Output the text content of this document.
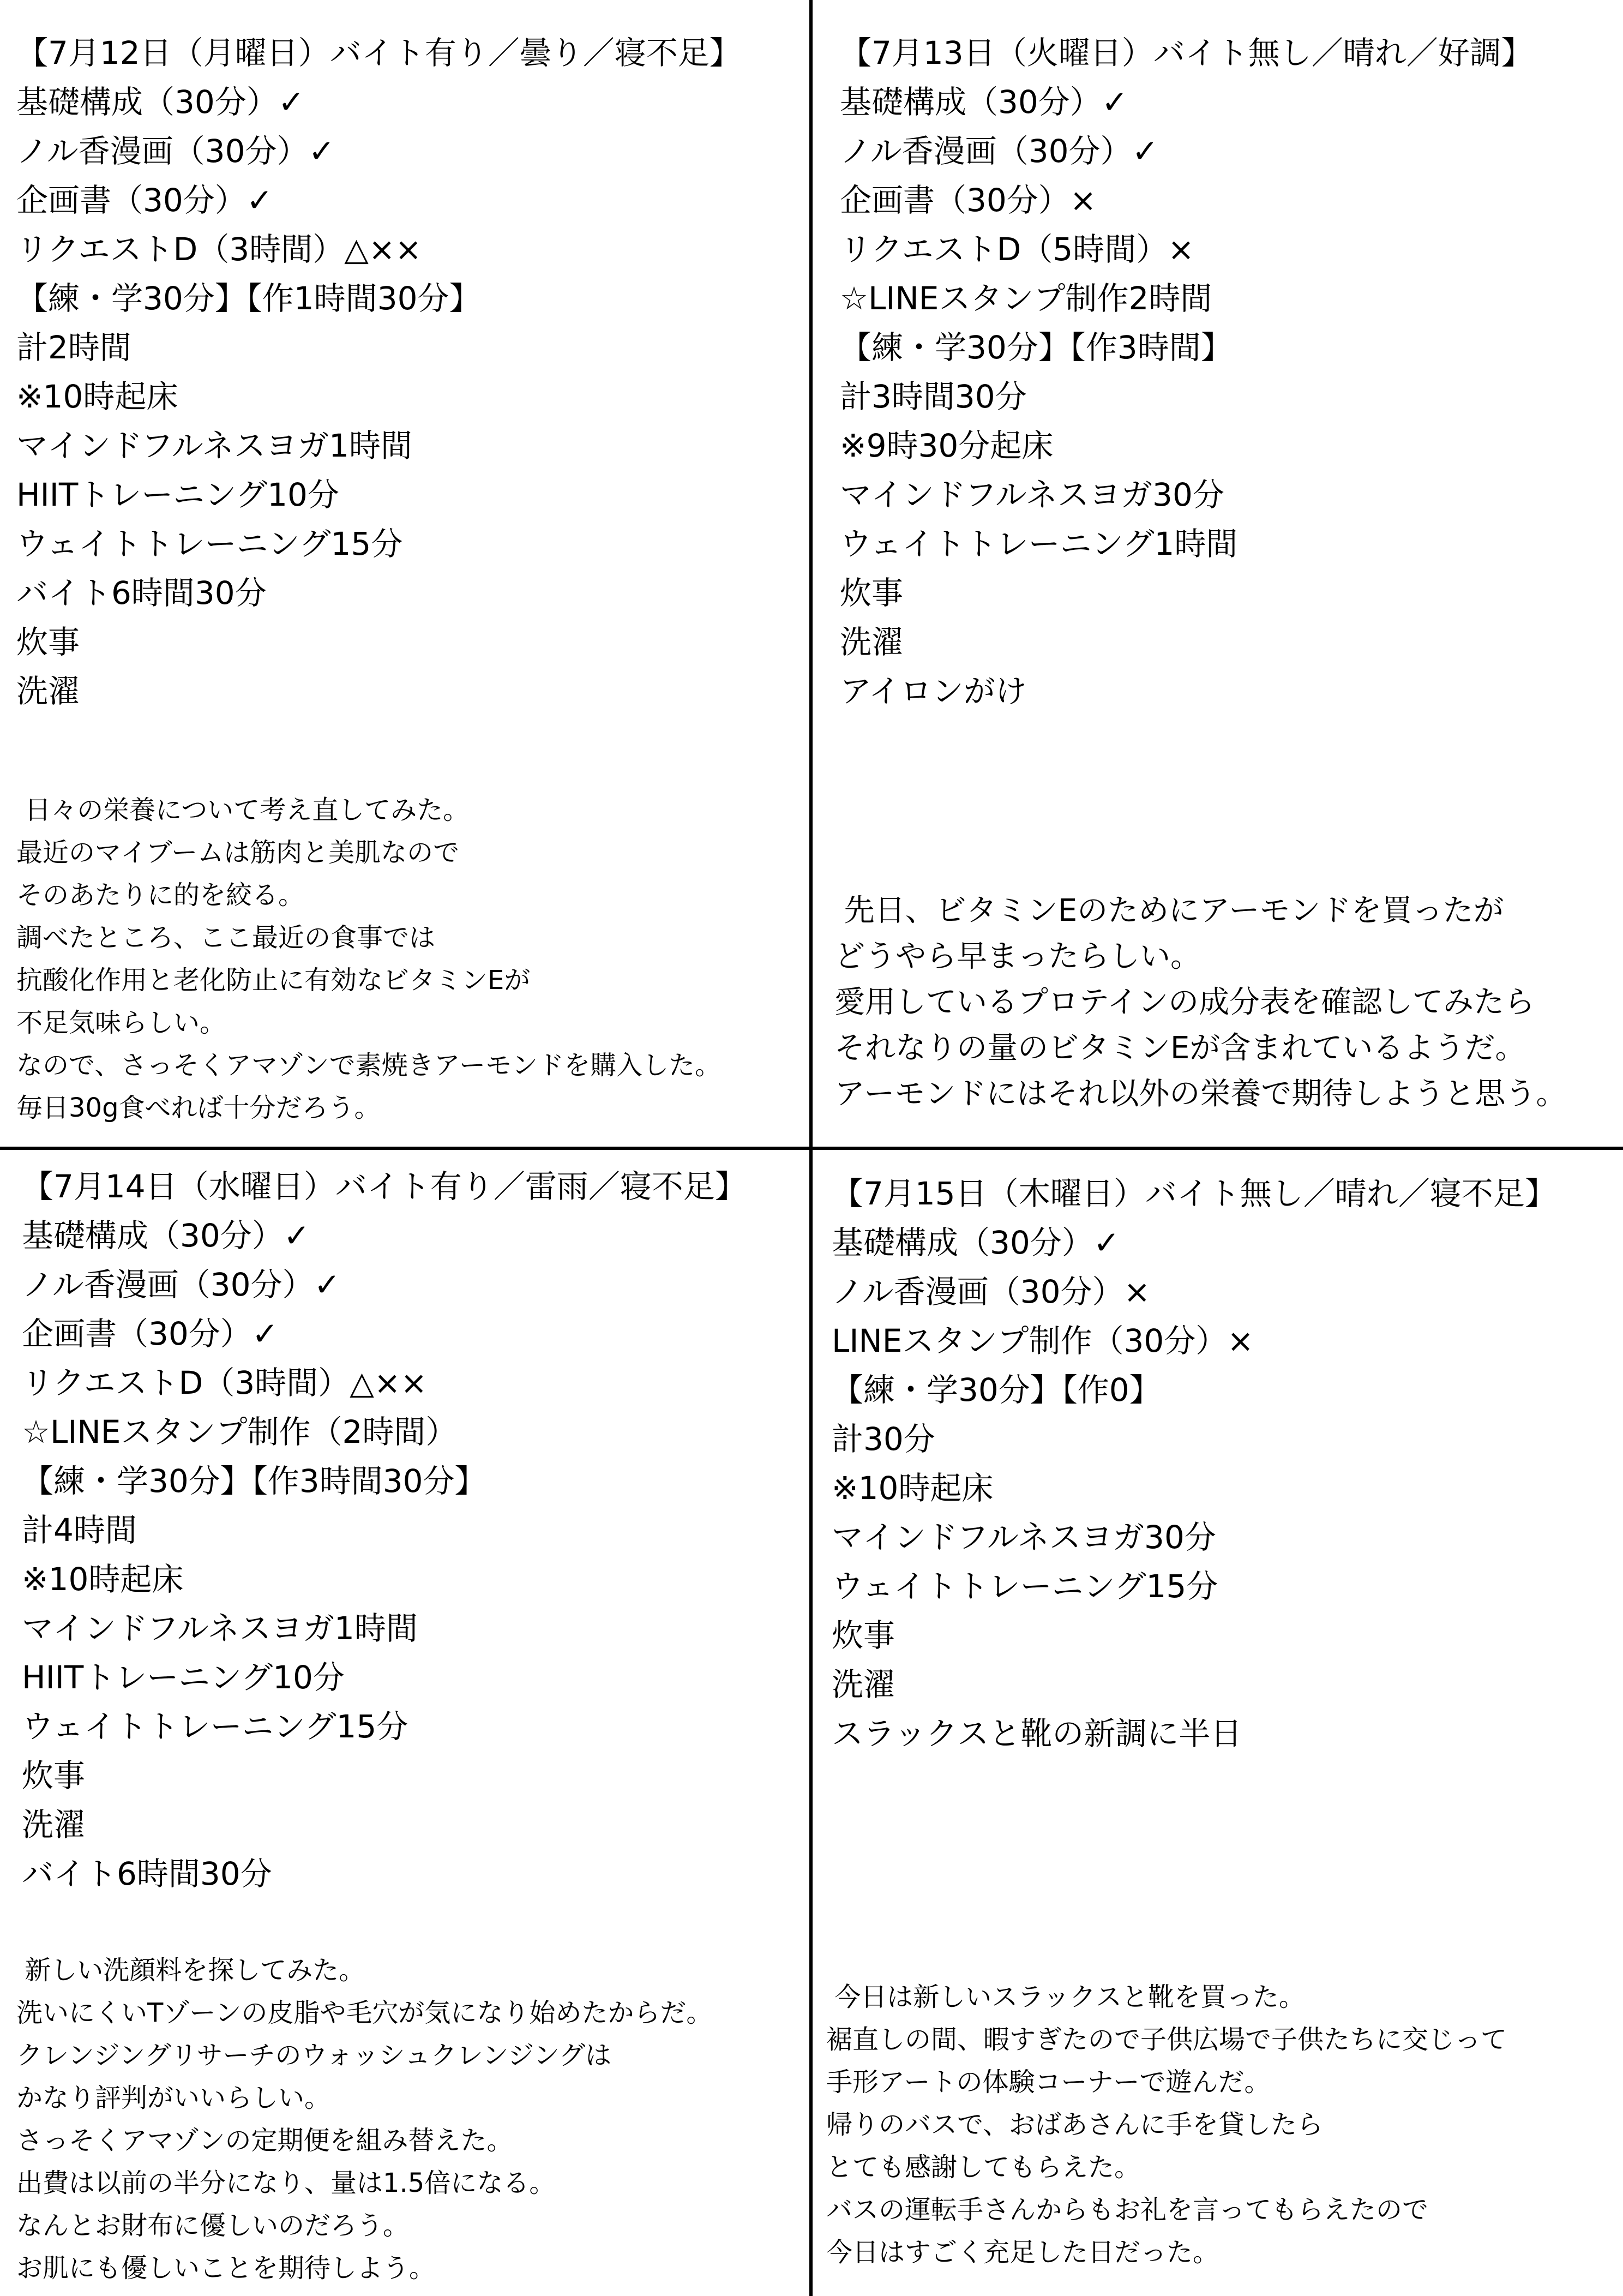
【7月12日（月曜日）バイト有り／曇り／寝不足】
基礎構成（30分）✓
ノル香漫画（30分）✓
企画書（30分）✓
リクエストD（3時間）△××
【練・学30分】【作1時間30分】
計2時間
※10時起床
マインドフルネスヨガ1時間
HIITトレーニング10分
ウェイトトレーニング15分
バイト6時間30分
炊事
洗濯
日々の栄養について考え直してみた。
最近のマイブームは筋肉と美肌なので
そのあたりに的を絞る。
調べたところ、ここ最近の食事では
抗酸化作用と老化防止に有効なビタミンEが
不足気味らしい。
なので、さっそくアマゾンで素焼きアーモンドを購入した。
毎日30g食べれば十分だろう。
【7月13日（火曜日）バイト無し／晴れ／好調】
基礎構成（30分）✓
ノル香漫画（30分）✓
企画書（30分）×
リクエストD（5時間）×
☆LINEスタンプ制作2時間
【練・学30分】【作3時間】
計3時間30分
※9時30分起床
マインドフルネスヨガ30分
ウェイトトレーニング1時間
炊事
洗濯
アイロンがけ
先日、ビタミンEのためにアーモンドを買ったが
どうやら早まったらしい。
愛用しているプロテインの成分表を確認してみたら
それなりの量のビタミンEが含まれているようだ。
アーモンドにはそれ以外の栄養で期待しようと思う。
【7月14日（水曜日）バイト有り／雷雨／寝不足】
基礎構成（30分）✓
ノル香漫画（30分）✓
企画書（30分）✓
リクエストD（3時間）△××
☆LINEスタンプ制作（2時間）
【練・学30分】【作3時間30分】
計4時間
※10時起床
マインドフルネスヨガ1時間
HIITトレーニング10分
ウェイトトレーニング15分
炊事
洗濯
バイト6時間30分
新しい洗顔料を探してみた。
洗いにくいTゾーンの皮脂や毛穴が気になり始めたからだ。
クレンジングリサーチのウォッシュクレンジングは
かなり評判がいいらしい。
さっそくアマゾンの定期便を組み替えた。
出費は以前の半分になり、量は1.5倍になる。
なんとお財布に優しいのだろう。
お肌にも優しいことを期待しよう。
【7月15日（木曜日）バイト無し／晴れ／寝不足】
基礎構成（30分）✓
ノル香漫画（30分）×
LINEスタンプ制作（30分）×
【練・学30分】【作0】
計30分
※10時起床
マインドフルネスヨガ30分
ウェイトトレーニング15分
炊事
洗濯
スラックスと靴の新調に半日
今日は新しいスラックスと靴を買った。
裾直しの間、暇すぎたので子供広場で子供たちに交じって
手形アートの体験コーナーで遊んだ。
帰りのバスで、おばあさんに手を貸したら
とても感謝してもらえた。
バスの運転手さんからもお礼を言ってもらえたので
今日はすごく充足した日だった。
